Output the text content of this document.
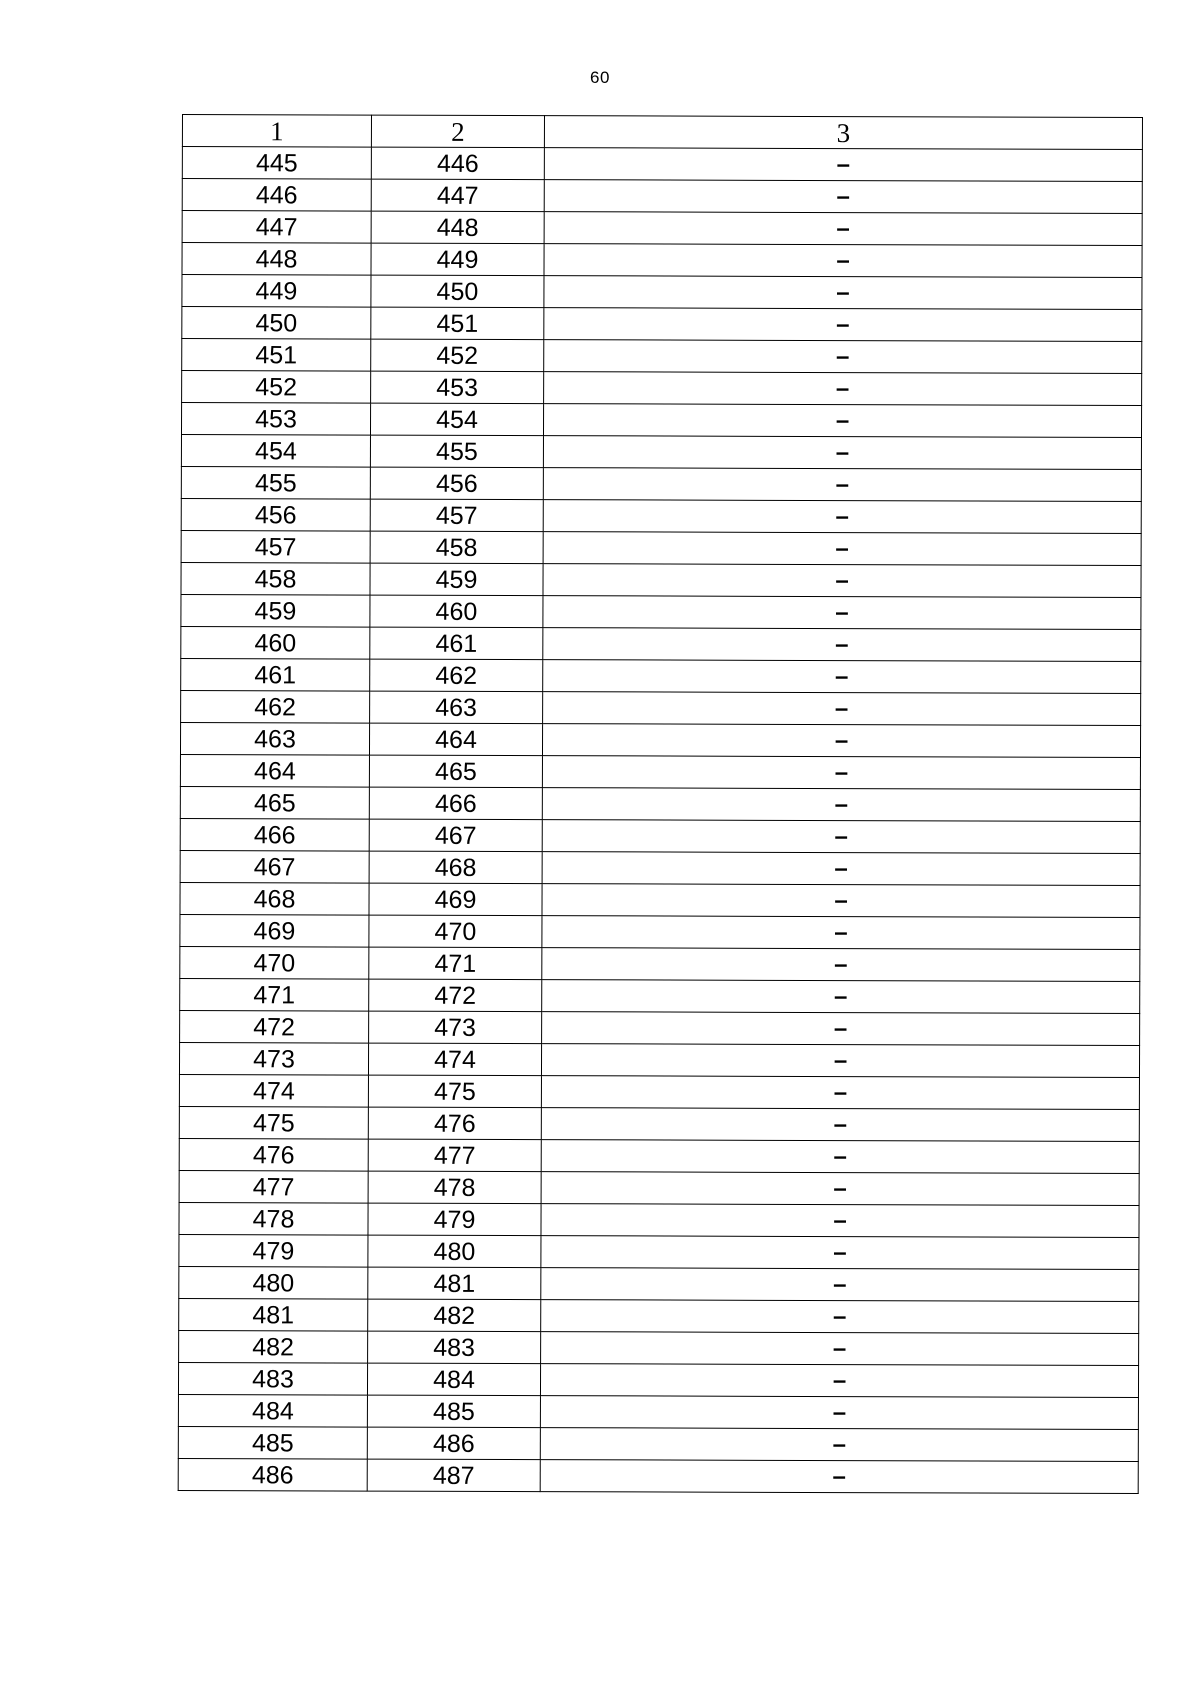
60
1	2	3
445	446	–
446	447	–
447	448	–
448	449	–
449	450	–
450	451	–
451	452	–
452	453	–
453	454	–
454	455	–
455	456	–
456	457	–
457	458	–
458	459	–
459	460	–
460	461	–
461	462	–
462	463	–
463	464	–
464	465	–
465	466	–
466	467	–
467	468	–
468	469	–
469	470	–
470	471	–
471	472	–
472	473	–
473	474	–
474	475	–
475	476	–
476	477	–
477	478	–
478	479	–
479	480	–
480	481	–
481	482	–
482	483	–
483	484	–
484	485	–
485	486	–
486	487	–
